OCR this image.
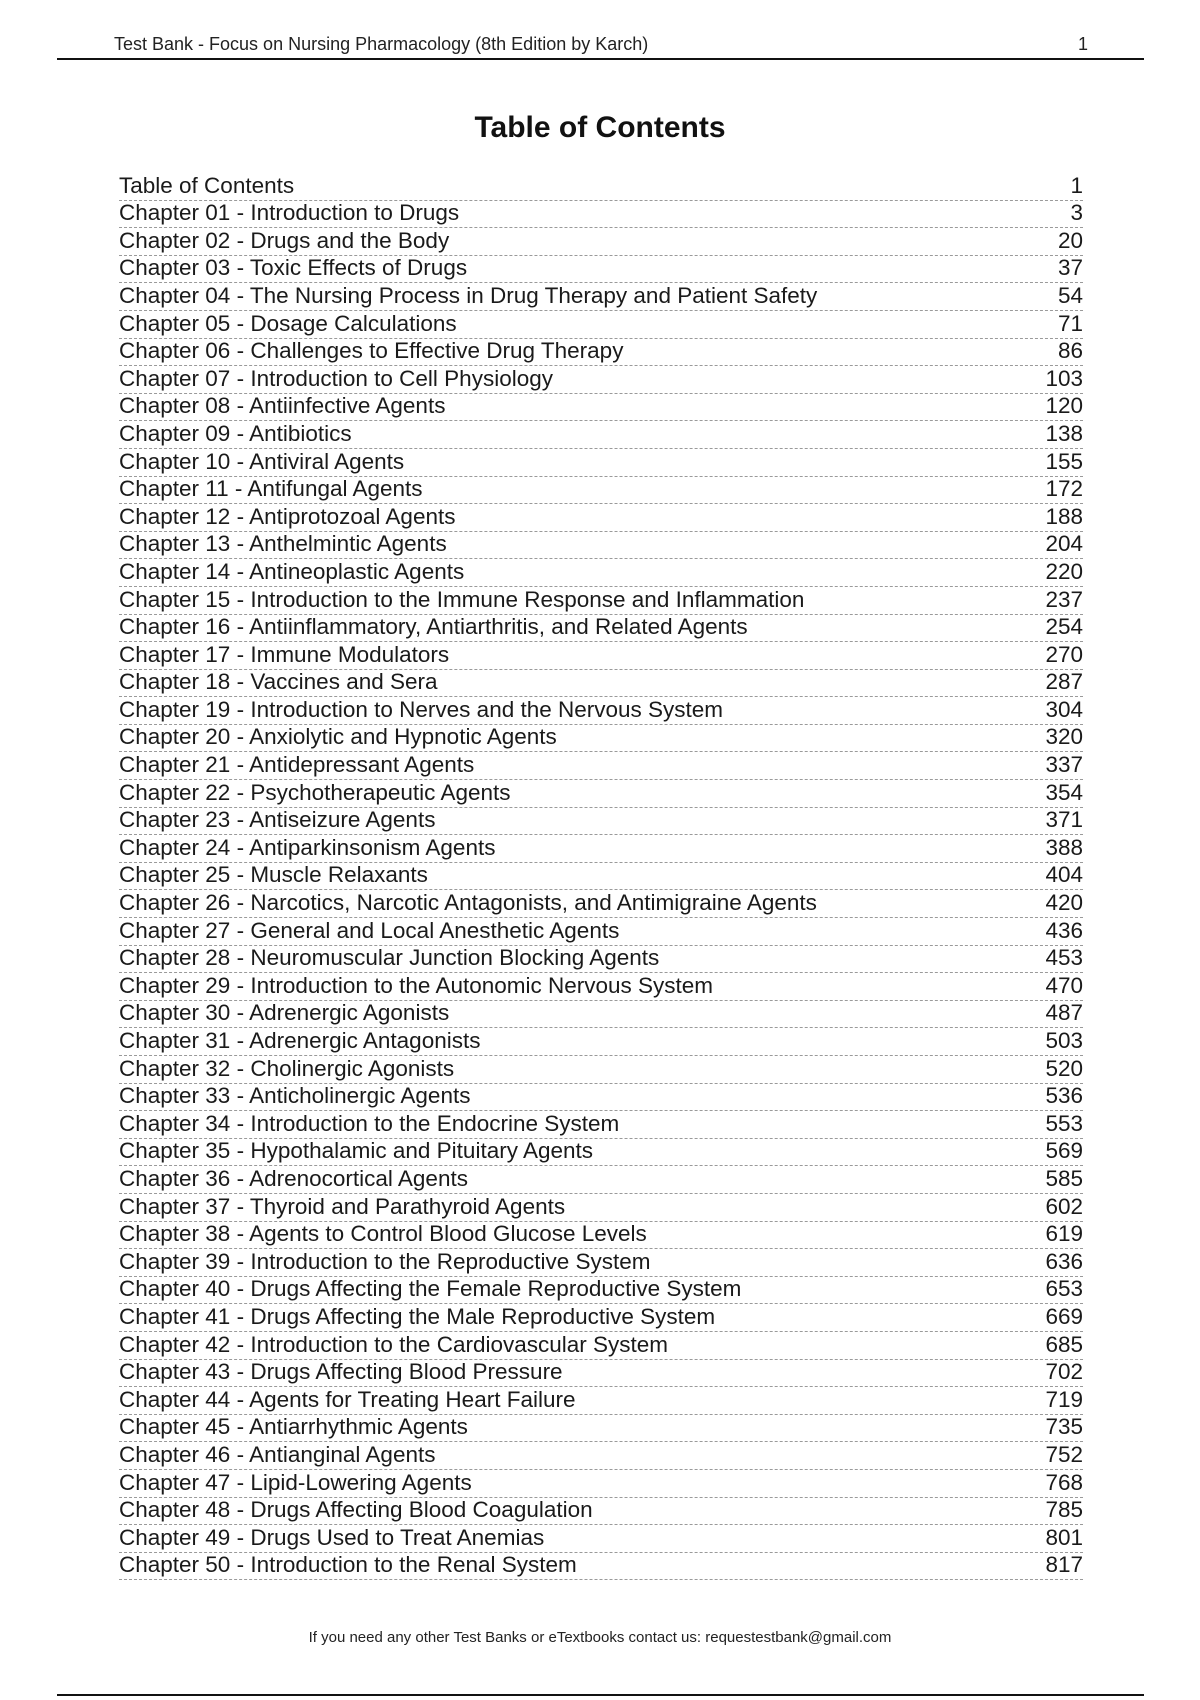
Test Bank - Focus on Nursing Pharmacology (8th Edition by Karch)	1
Table of Contents
Table of Contents	1
Chapter 01 - Introduction to Drugs	3
Chapter 02 - Drugs and the Body	20
Chapter 03 - Toxic Effects of Drugs	37
Chapter 04 - The Nursing Process in Drug Therapy and Patient Safety	54
Chapter 05 - Dosage Calculations	71
Chapter 06 - Challenges to Effective Drug Therapy	86
Chapter 07 - Introduction to Cell Physiology	103
Chapter 08 - Antiinfective Agents	120
Chapter 09 - Antibiotics	138
Chapter 10 - Antiviral Agents	155
Chapter 11 - Antifungal Agents	172
Chapter 12 - Antiprotozoal Agents	188
Chapter 13 - Anthelmintic Agents	204
Chapter 14 - Antineoplastic Agents	220
Chapter 15 - Introduction to the Immune Response and Inflammation	237
Chapter 16 - Antiinflammatory, Antiarthritis, and Related Agents	254
Chapter 17 - Immune Modulators	270
Chapter 18 - Vaccines and Sera	287
Chapter 19 - Introduction to Nerves and the Nervous System	304
Chapter 20 - Anxiolytic and Hypnotic Agents	320
Chapter 21 - Antidepressant Agents	337
Chapter 22 - Psychotherapeutic Agents	354
Chapter 23 - Antiseizure Agents	371
Chapter 24 - Antiparkinsonism Agents	388
Chapter 25 - Muscle Relaxants	404
Chapter 26 - Narcotics, Narcotic Antagonists, and Antimigraine Agents	420
Chapter 27 - General and Local Anesthetic Agents	436
Chapter 28 - Neuromuscular Junction Blocking Agents	453
Chapter 29 - Introduction to the Autonomic Nervous System	470
Chapter 30 - Adrenergic Agonists	487
Chapter 31 - Adrenergic Antagonists	503
Chapter 32 - Cholinergic Agonists	520
Chapter 33 - Anticholinergic Agents	536
Chapter 34 - Introduction to the Endocrine System	553
Chapter 35 - Hypothalamic and Pituitary Agents	569
Chapter 36 - Adrenocortical Agents	585
Chapter 37 - Thyroid and Parathyroid Agents	602
Chapter 38 - Agents to Control Blood Glucose Levels	619
Chapter 39 - Introduction to the Reproductive System	636
Chapter 40 - Drugs Affecting the Female Reproductive System	653
Chapter 41 - Drugs Affecting the Male Reproductive System	669
Chapter 42 - Introduction to the Cardiovascular System	685
Chapter 43 - Drugs Affecting Blood Pressure	702
Chapter 44 - Agents for Treating Heart Failure	719
Chapter 45 - Antiarrhythmic Agents	735
Chapter 46 - Antianginal Agents	752
Chapter 47 - Lipid-Lowering Agents	768
Chapter 48 - Drugs Affecting Blood Coagulation	785
Chapter 49 - Drugs Used to Treat Anemias	801
Chapter 50 - Introduction to the Renal System	817
If you need any other Test Banks or eTextbooks contact us: requestestbank@gmail.com
